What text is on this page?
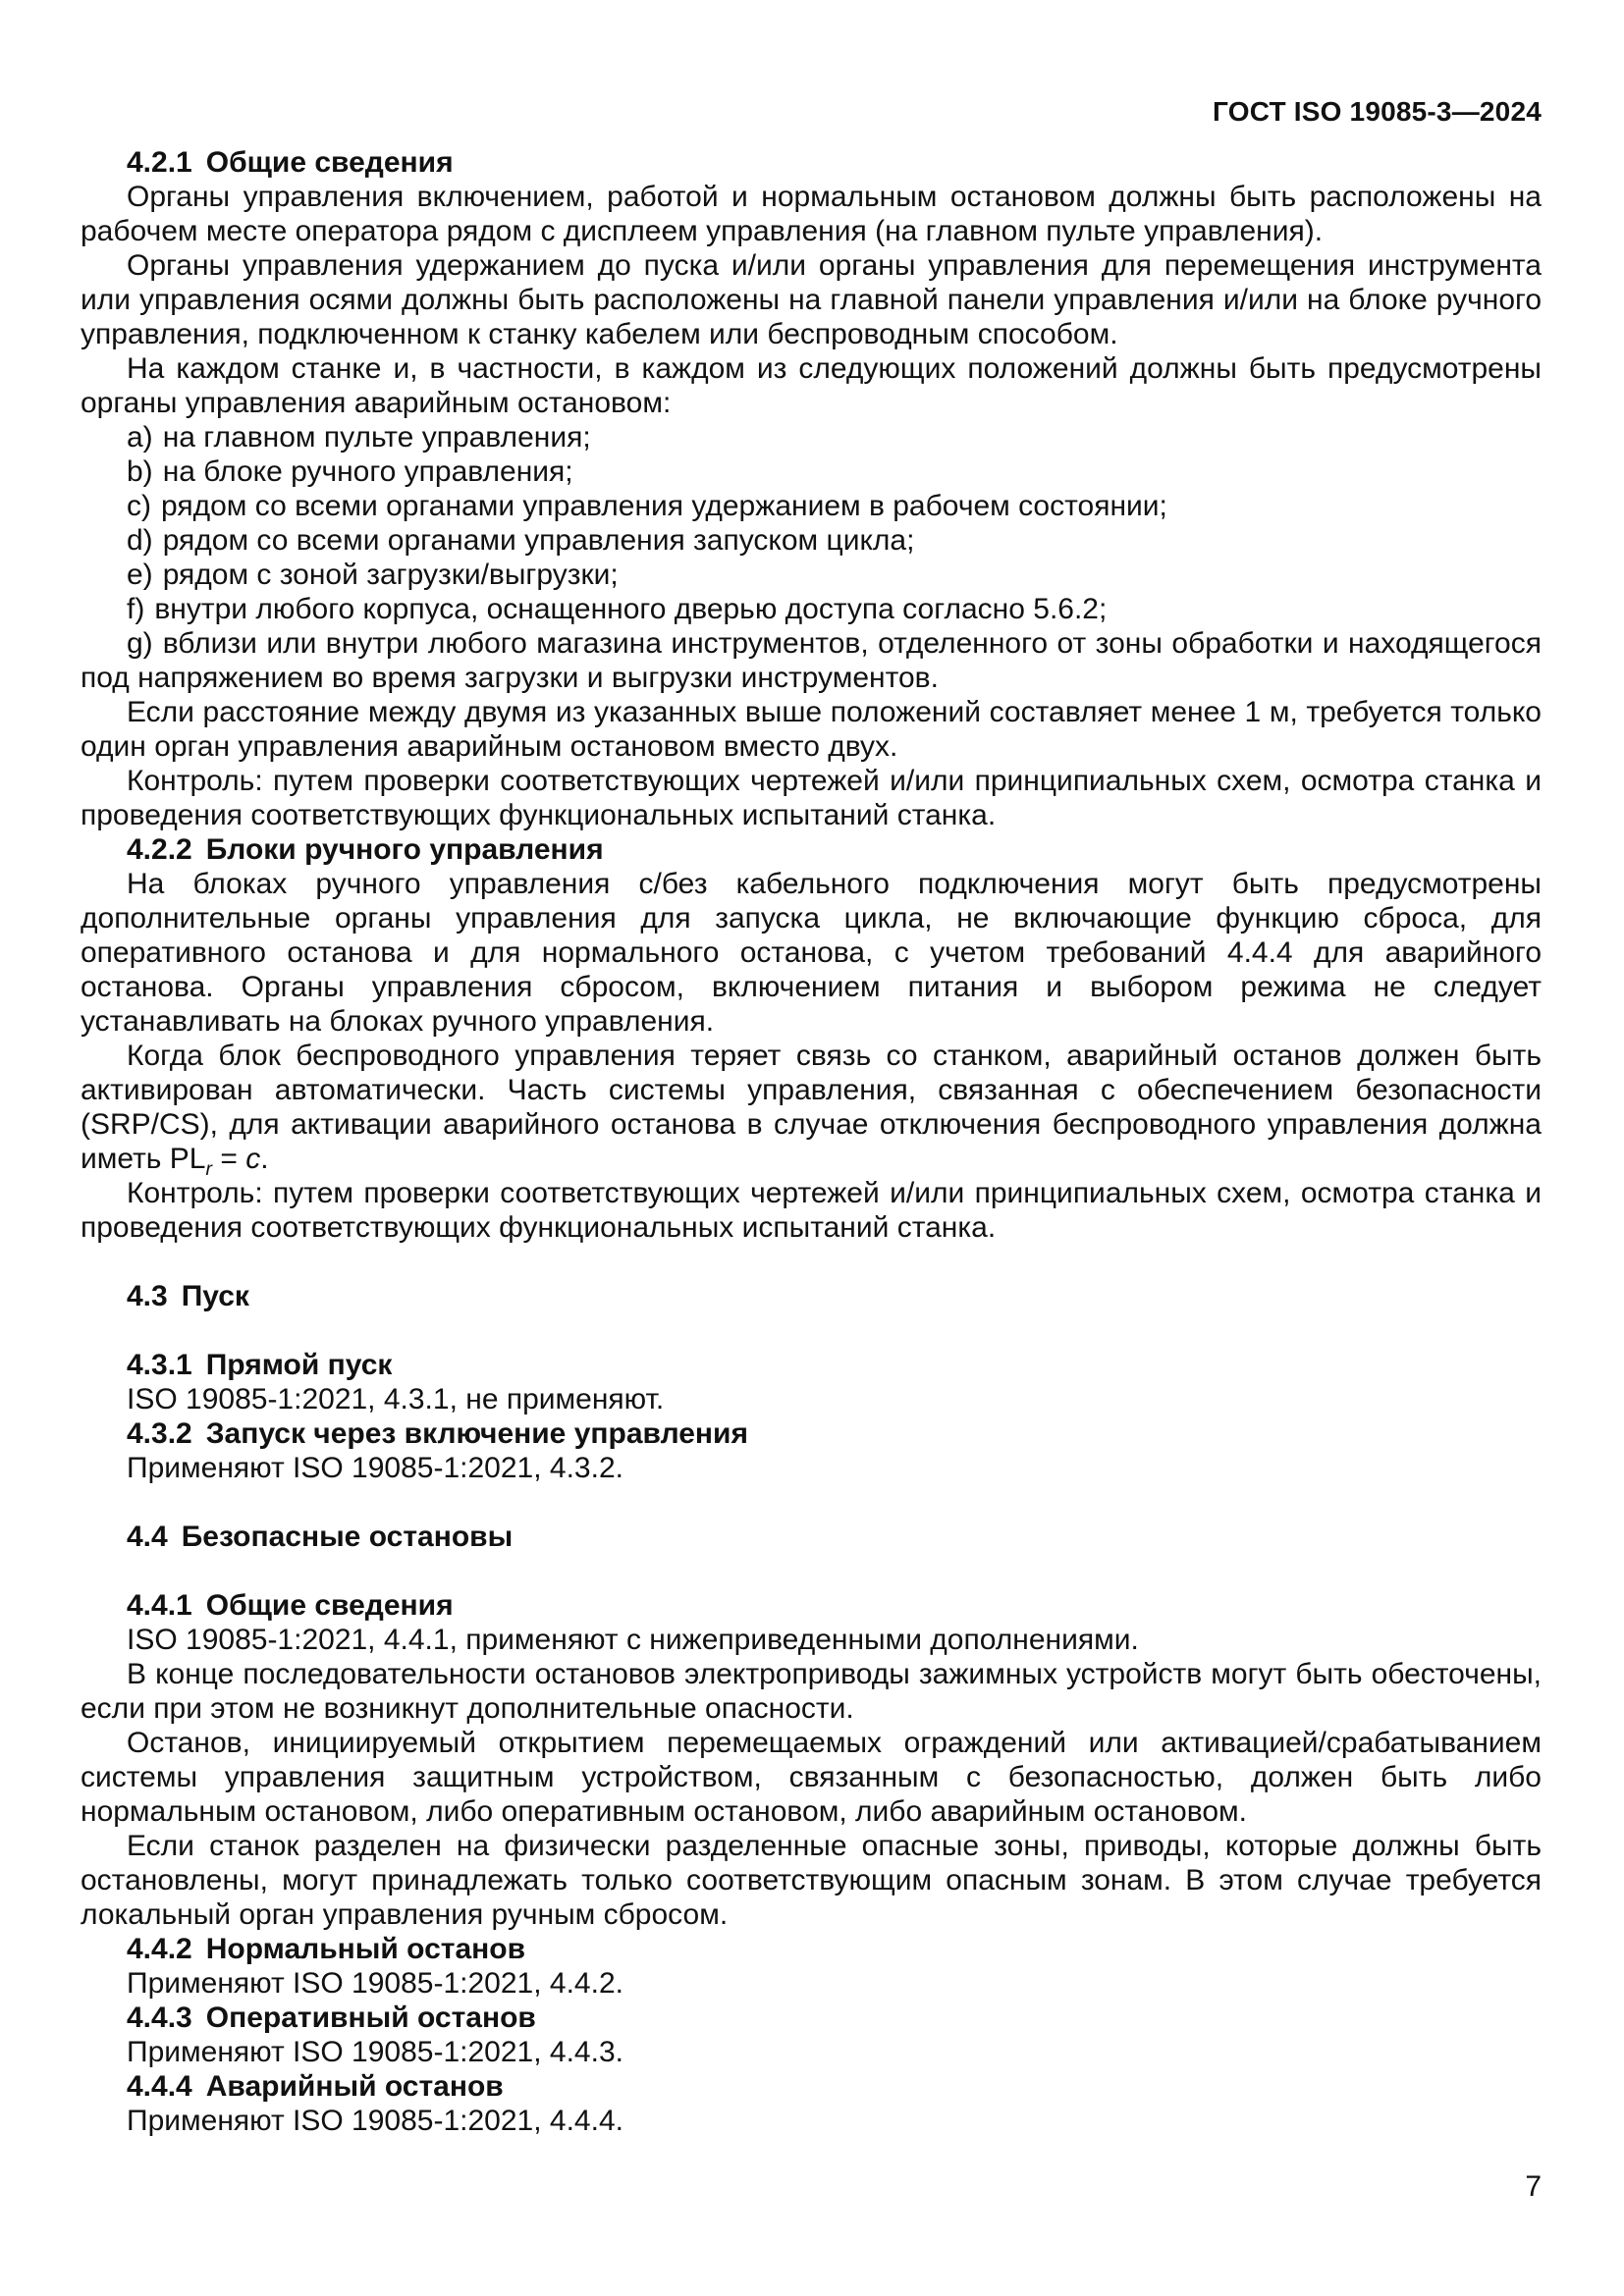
ГОСТ ISO 19085-3—2024
4.2.1 Общие сведения
Органы управления включением, работой и нормальным остановом должны быть расположены на рабочем месте оператора рядом с дисплеем управления (на главном пульте управления).
Органы управления удержанием до пуска и/или органы управления для перемещения инструмента или управления осями должны быть расположены на главной панели управления и/или на блоке ручного управления, подключенном к станку кабелем или беспроводным способом.
На каждом станке и, в частности, в каждом из следующих положений должны быть предусмотрены органы управления аварийным остановом:
a) на главном пульте управления;
b) на блоке ручного управления;
c) рядом со всеми органами управления удержанием в рабочем состоянии;
d) рядом со всеми органами управления запуском цикла;
e) рядом с зоной загрузки/выгрузки;
f) внутри любого корпуса, оснащенного дверью доступа согласно 5.6.2;
g) вблизи или внутри любого магазина инструментов, отделенного от зоны обработки и находящегося под напряжением во время загрузки и выгрузки инструментов.
Если расстояние между двумя из указанных выше положений составляет менее 1 м, требуется только один орган управления аварийным остановом вместо двух.
Контроль: путем проверки соответствующих чертежей и/или принципиальных схем, осмотра станка и проведения соответствующих функциональных испытаний станка.
4.2.2 Блоки ручного управления
На блоках ручного управления с/без кабельного подключения могут быть предусмотрены дополнительные органы управления для запуска цикла, не включающие функцию сброса, для оперативного останова и для нормального останова, с учетом требований 4.4.4 для аварийного останова. Органы управления сбросом, включением питания и выбором режима не следует устанавливать на блоках ручного управления.
Когда блок беспроводного управления теряет связь со станком, аварийный останов должен быть активирован автоматически. Часть системы управления, связанная с обеспечением безопасности (SRP/CS), для активации аварийного останова в случае отключения беспроводного управления должна иметь $PL_r = c$.
Контроль: путем проверки соответствующих чертежей и/или принципиальных схем, осмотра станка и проведения соответствующих функциональных испытаний станка.
4.3 Пуск
4.3.1 Прямой пуск
ISO 19085-1:2021, 4.3.1, не применяют.
4.3.2 Запуск через включение управления
Применяют ISO 19085-1:2021, 4.3.2.
4.4 Безопасные остановы
4.4.1 Общие сведения
ISO 19085-1:2021, 4.4.1, применяют с нижеприведенными дополнениями.
В конце последовательности остановов электроприводы зажимных устройств могут быть обесточены, если при этом не возникнут дополнительные опасности.
Останов, инициируемый открытием перемещаемых ограждений или активацией/срабатыванием системы управления защитным устройством, связанным с безопасностью, должен быть либо нормальным остановом, либо оперативным остановом, либо аварийным остановом.
Если станок разделен на физически разделенные опасные зоны, приводы, которые должны быть остановлены, могут принадлежать только соответствующим опасным зонам. В этом случае требуется локальный орган управления ручным сбросом.
4.4.2 Нормальный останов
Применяют ISO 19085-1:2021, 4.4.2.
4.4.3 Оперативный останов
Применяют ISO 19085-1:2021, 4.4.3.
4.4.4 Аварийный останов
Применяют ISO 19085-1:2021, 4.4.4.
7
